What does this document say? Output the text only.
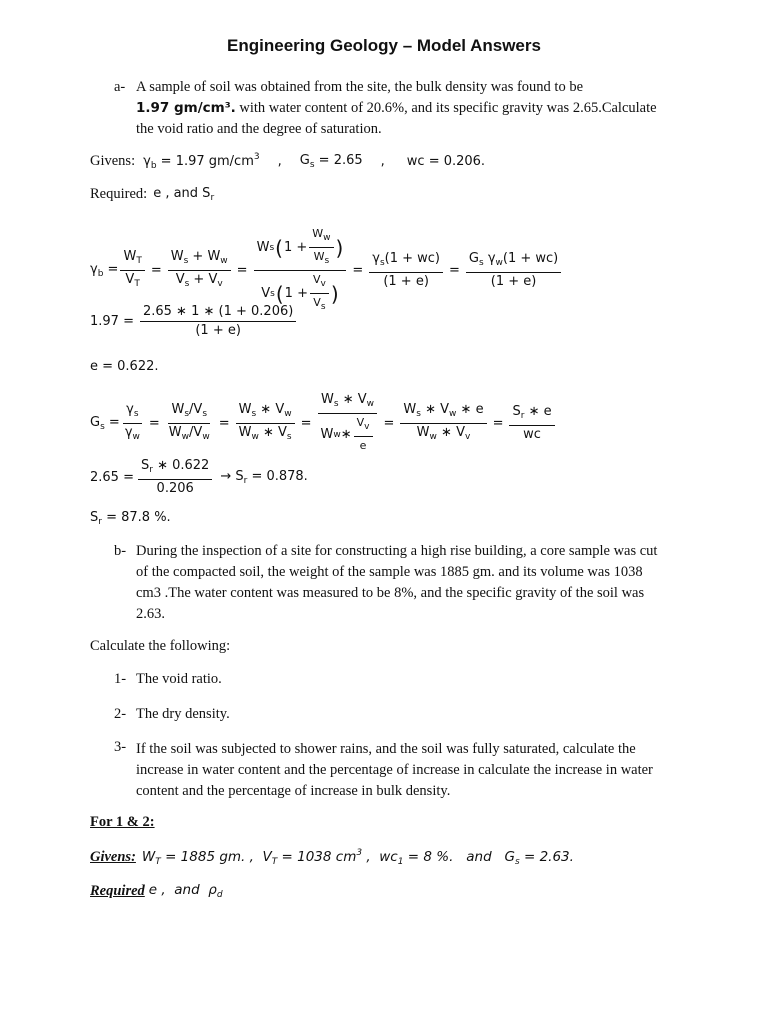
Engineering Geology – Model Answers
a- A sample of soil was obtained from the site, the bulk density was found to be
1.97 gm/cm³. with water content of 20.6%, and its specific gravity was 2.65.Calculate
the void ratio and the degree of saturation.
Givens: $\gamma_b = 1.97$ $gm/cm^3$ , $G_s = 2.65$ , wc = 0.206.
Required: e , and $S_r$
$\gamma_b = \frac{W_T}{V_T} = \frac{W_s + W_w}{V_s + V_v} = \frac{W s ( 1 + \frac{W_w}{W_s} )}{V s ( 1 + \frac{V_v}{V_s} )} = \frac{\gamma_s(1 + wc)}{(1 + e)} = \frac{G_s \gamma_w(1 + wc)}{(1 + e)}$
$1.97 = \frac{2.65 ∗ 1 ∗ (1 + 0.206)}{(1 + e)}$
e = 0.622.
$G_s = \frac{\gamma_s}{\gamma_w} = \frac{W_s/V_s}{W_w/V_w} = \frac{W_s ∗ V_w}{W_w ∗ V_s} = \frac{W_s ∗ V_w}{W w ∗ \frac{V_v}{e}} = \frac{W_s ∗ V_w ∗ e}{W_w ∗ V_v} = \frac{S_r ∗ e}{wc}$
$2.65 = \frac{S_r ∗ 0.622}{0.206} \to S_r = 0.878$.
$S_r = 87.8$ %.
b- During the inspection of a site for constructing a high rise building, a core sample was cut
of the compacted soil, the weight of the sample was 1885 gm. and its volume was 1038
cm3 .The water content was measured to be 8%, and the specific gravity of the soil was
2.63.
Calculate the following:
1- The void ratio.
2- The dry density.
3- If the soil was subjected to shower rains, and the soil was fully saturated, calculate the
increase in water content and the percentage of increase in calculate the increase in water
content and the percentage of increase in bulk density.
For 1 & 2:
Givens: $W_T = 1885$ gm. ,  $V_T = 1038$ $cm^3$ ,  $wc_1 = 8$ %.   and   $G_s = 2.63$.
Required e ,  and  $\rho_d$
